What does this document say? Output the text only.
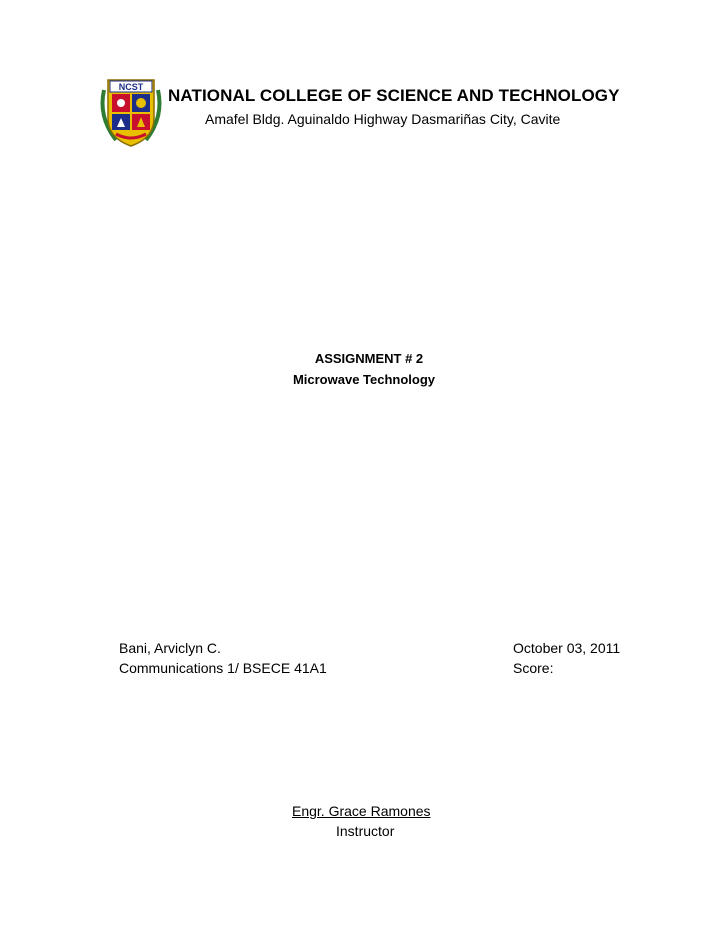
NCST NATIONAL COLLEGE OF SCIENCE AND TECHNOLOGY
Amafel Bldg. Aguinaldo Highway Dasmariñas City, Cavite
ASSIGNMENT # 2
Microwave Technology
Bani, Arviclyn C.
Communications 1/ BSECE 41A1
October 03, 2011
Score:
Engr. Grace Ramones
Instructor
